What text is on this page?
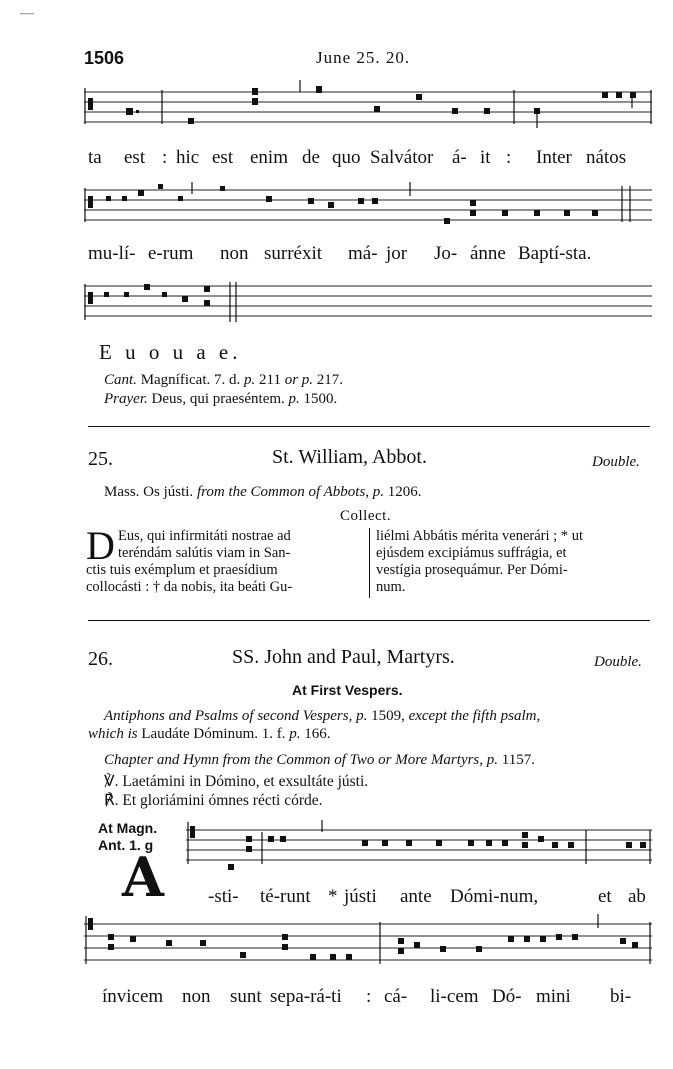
—
1506	June 25. 20.
ta est : hic est enim de quo Salvátor á- it : Inter nátos
mu-lí- e-rum non surréxit má- jor Jo- ánne Baptí-sta.
E u o u a e.
Cant. Magníficat. 7. d. p. 211 or p. 217.
Prayer. Deus, qui praeséntem. p. 1500.
25.	St. William, Abbot.	Double.
Mass. Os jústi. from the Common of Abbots, p. 1206.
Collect.
D Eus, qui infirmitáti nostrae ad
teréndám salútis viam in San-
ctis tuis exémplum et praesídium
collocásti : † da nobis, ita beáti Gu-
liélmi Abbátis mérita venerári ; * ut
ejúsdem excipiámus suffrágia, et
vestígia prosequámur. Per Dómi-
num.
26.	SS. John and Paul, Martyrs.	Double.
At First Vespers.
Antiphons and Psalms of second Vespers, p. 1509, except the fifth psalm,
which is Laudáte Dóminum. 1. f. p. 166.
Chapter and Hymn from the Common of Two or More Martyrs, p. 1157.
℣. Laetámini in Dómino, et exsultáte jústi.
℟. Et gloriámini ómnes récti córde.
At Magn.
Ant. 1. g
A -sti- té-runt * jústi ante Dómi-num,	et ab
ínvicem non sunt sepa-rá-ti : cá- li-cem Dó- mini bi-
